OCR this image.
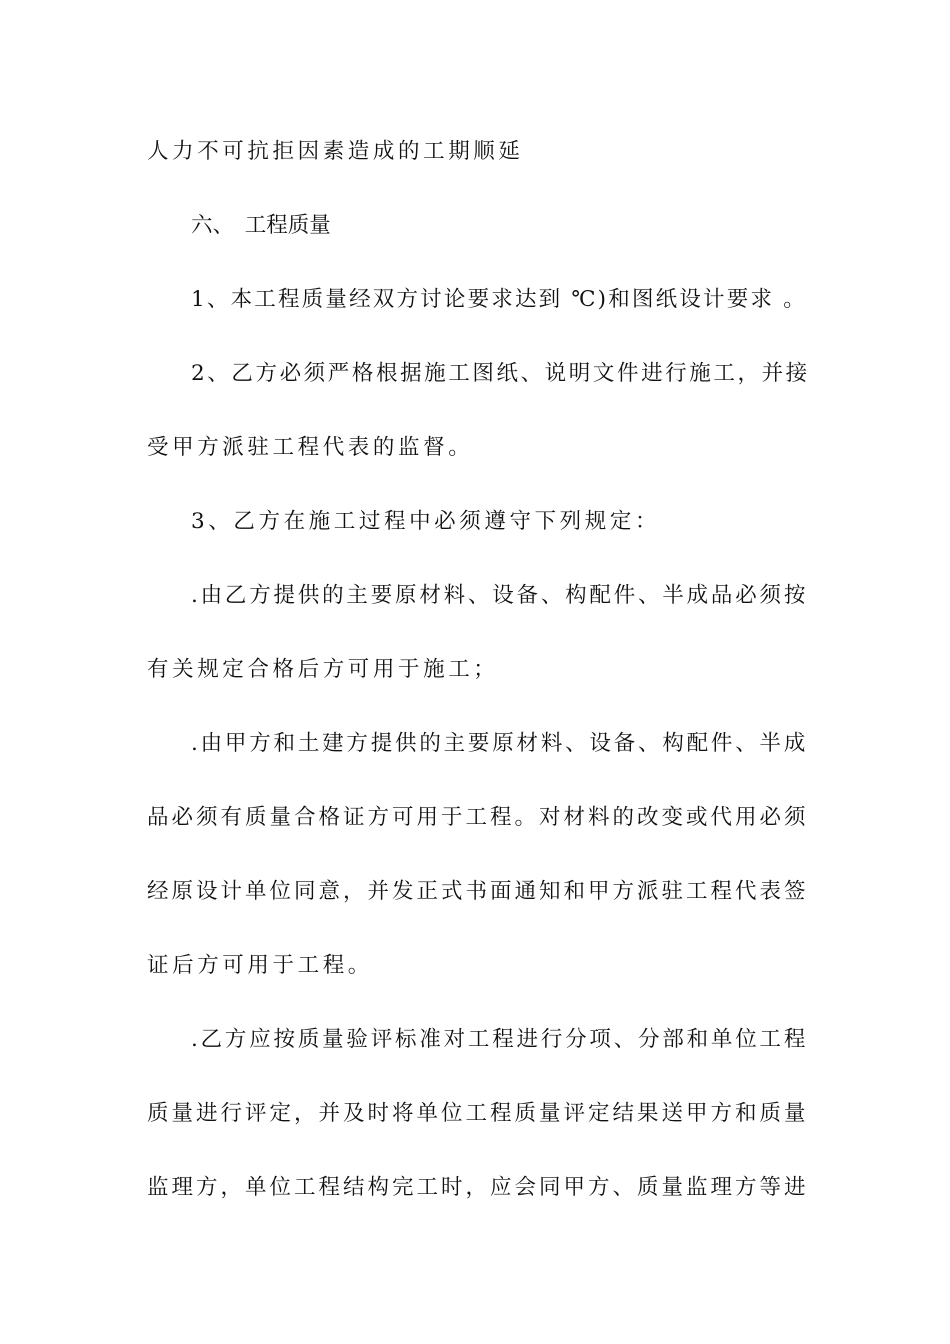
人力不可抗拒因素造成的工期顺延
六、　工程质量
1、本工程质量经双方讨论要求达到 ℃)和图纸设计要求 。
2、乙方必须严格根据施工图纸、说明文件进行施工，并接
受甲方派驻工程代表的监督。
3、乙方在施工过程中必须遵守下列规定：
.由乙方提供的主要原材料、设备、构配件、半成品必须按
有关规定合格后方可用于施工；
.由甲方和土建方提供的主要原材料、设备、构配件、半成
品必须有质量合格证方可用于工程。对材料的改变或代用必须
经原设计单位同意，并发正式书面通知和甲方派驻工程代表签
证后方可用于工程。
.乙方应按质量验评标准对工程进行分项、分部和单位工程
质量进行评定，并及时将单位工程质量评定结果送甲方和质量
监理方，单位工程结构完工时，应会同甲方、质量监理方等进
